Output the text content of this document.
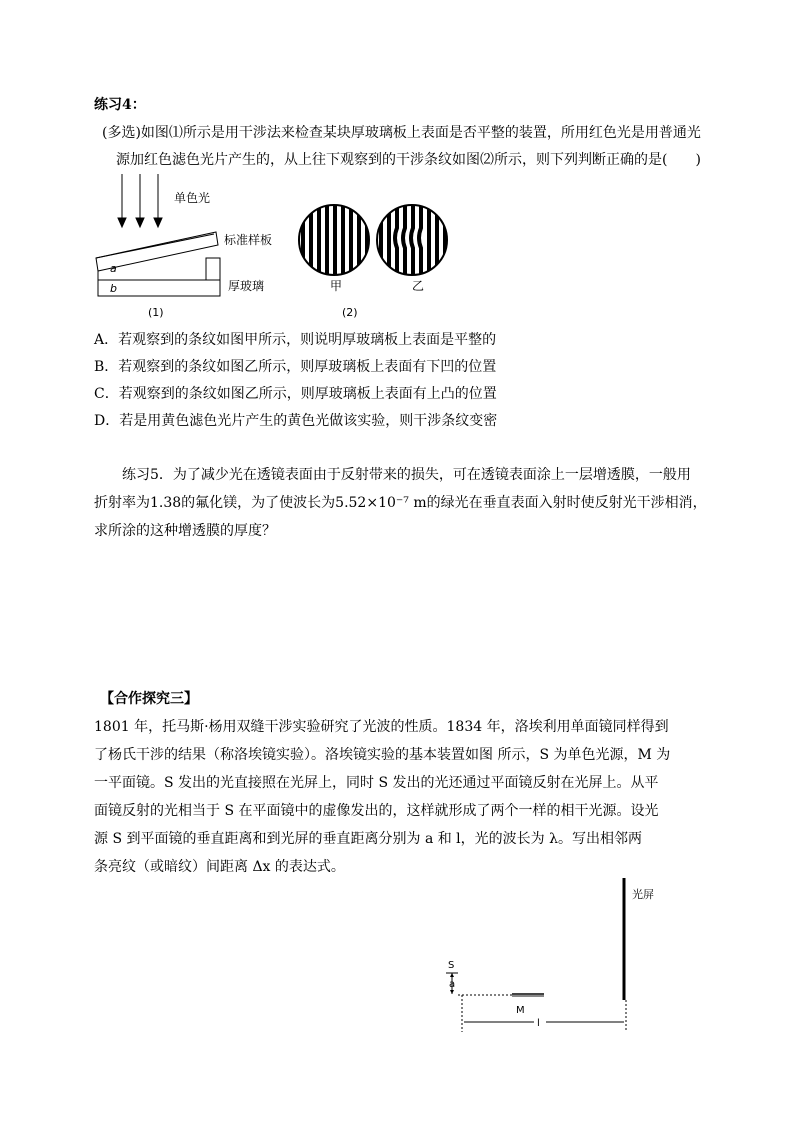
练习4：
(多选)如图⑴所示是用干涉法来检查某块厚玻璃板上表面是否平整的装置，所用红色光是用普通光
源加红色滤色光片产生的，从上往下观察到的干涉条纹如图⑵所示，则下列判断正确的是(　　)
单色光
a
b
标准样板
厚玻璃
(1)
甲	乙
(2)
A．若观察到的条纹如图甲所示，则说明厚玻璃板上表面是平整的
B．若观察到的条纹如图乙所示，则厚玻璃板上表面有下凹的位置
C．若观察到的条纹如图乙所示，则厚玻璃板上表面有上凸的位置
D．若是用黄色滤色光片产生的黄色光做该实验，则干涉条纹变密
练习5．为了减少光在透镜表面由于反射带来的损失，可在透镜表面涂上一层增透膜，一般用
折射率为1.38的氟化镁，为了使波长为5.52×10⁻⁷ m的绿光在垂直表面入射时使反射光干涉相消，
求所涂的这种增透膜的厚度？
【合作探究三】
1801 年，托马斯·杨用双缝干涉实验研究了光波的性质。1834 年，洛埃利用单面镜同样得到
了杨氏干涉的结果（称洛埃镜实验）。洛埃镜实验的基本装置如图 所示，S 为单色光源，M 为
一平面镜。S 发出的光直接照在光屏上，同时 S 发出的光还通过平面镜反射在光屏上。从平
面镜反射的光相当于 S 在平面镜中的虚像发出的，这样就形成了两个一样的相干光源。设光
源 S 到平面镜的垂直距离和到光屏的垂直距离分别为 a 和 l，光的波长为 λ。写出相邻两
条亮纹（或暗纹）间距离 Δx 的表达式。
光屏
S
a
M
l
